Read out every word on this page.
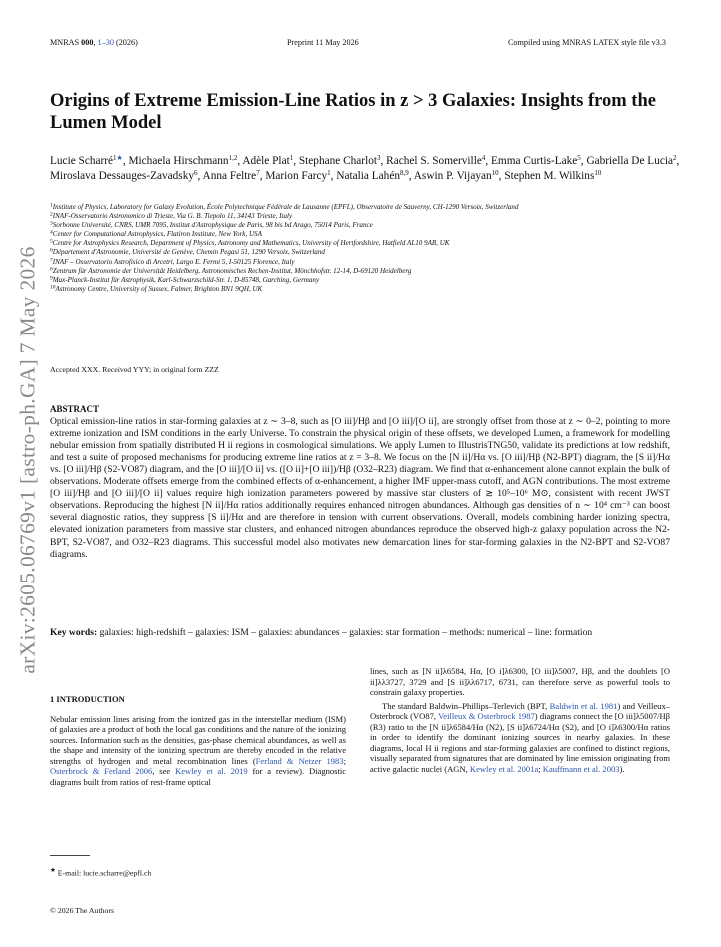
MNRAS 000, 1–30 (2026)	Preprint 11 May 2026	Compiled using MNRAS LATEX style file v3.3
arXiv:2605.06769v1 [astro-ph.GA] 7 May 2026
Origins of Extreme Emission-Line Ratios in z > 3 Galaxies: Insights from the Lumen Model
Lucie Scharré$^{1★}$, Michaela Hirschmann$^{1,2}$, Adèle Plat$^1$, Stephane Charlot$^3$, Rachel S. Somerville$^4$, Emma Curtis-Lake$^5$, Gabriella De Lucia$^2$, Miroslava Dessauges-Zavadsky$^6$, Anna Feltre$^7$, Marion Farcy$^1$, Natalia Lahén$^{8,9}$, Aswin P. Vijayan$^{10}$, Stephen M. Wilkins$^{10}$
$^1$Institute of Physics, Laboratory for Galaxy Evolution, École Polytechnique Fédérale de Lausanne (EPFL), Observatoire de Sauverny, CH-1290 Versoix, Switzerland
$^2$INAF-Osservatorio Astronomico di Trieste, Via G. B. Tiepolo 11, 34143 Trieste, Italy
$^3$Sorbonne Université, CNRS, UMR 7095, Institut d'Astrophysique de Paris, 98 bis bd Arago, 75014 Paris, France
$^4$Center for Computational Astrophysics, Flatiron Institute, New York, USA
$^5$Centre for Astrophysics Research, Department of Physics, Astronomy and Mathematics, University of Hertfordshire, Hatfield AL10 9AB, UK
$^6$Département d'Astronomie, Université de Genève, Chemin Pegasi 51, 1290 Versoix, Switzerland
$^7$INAF – Osservatorio Astrofisico di Arcetri, Largo E. Fermi 5, I-50125 Florence, Italy
$^8$Zentrum für Astronomie der Universität Heidelberg, Astronomisches Rechen-Institut, Mönchhofstr. 12-14, D-69120 Heidelberg
$^9$Max-Planck-Institut für Astrophysik, Karl-Schwarzschild-Str. 1, D-85748, Garching, Germany
$^{10}$Astronomy Centre, University of Sussex, Falmer, Brighton BN1 9QH, UK
Accepted XXX. Received YYY; in original form ZZZ
ABSTRACT
Optical emission-line ratios in star-forming galaxies at z ∼ 3–8, such as [O iii]/Hβ and [O iii]/[O ii], are strongly offset from those at z ∼ 0–2, pointing to more extreme ionization and ISM conditions in the early Universe. To constrain the physical origin of these offsets, we developed Lumen, a framework for modelling nebular emission from spatially distributed H ii regions in cosmological simulations. We apply Lumen to IllustrisTNG50, validate its predictions at low redshift, and test a suite of proposed mechanisms for producing extreme line ratios at z = 3–8. We focus on the [N ii]/Hα vs. [O iii]/Hβ (N2-BPT) diagram, the [S ii]/Hα vs. [O iii]/Hβ (S2-VO87) diagram, and the [O iii]/[O ii] vs. ([O ii]+[O iii])/Hβ (O32–R23) diagram. We find that α-enhancement alone cannot explain the bulk of observations. Moderate offsets emerge from the combined effects of α-enhancement, a higher IMF upper-mass cutoff, and AGN contributions. The most extreme [O iii]/Hβ and [O iii]/[O ii] values require high ionization parameters powered by massive star clusters of ≳ 10⁵–10⁶ M⊙, consistent with recent JWST observations. Reproducing the highest [N ii]/Hα ratios additionally requires enhanced nitrogen abundances. Although gas densities of n ∼ 10⁴ cm⁻³ can boost several diagnostic ratios, they suppress [S ii]/Hα and are therefore in tension with current observations. Overall, models combining harder ionizing spectra, elevated ionization parameters from massive star clusters, and enhanced nitrogen abundances reproduce the observed high-z galaxy population across the N2-BPT, S2-VO87, and O32–R23 diagrams. This successful model also motivates new demarcation lines for star-forming galaxies in the N2-BPT and S2-VO87 diagrams.
Key words: galaxies: high-redshift – galaxies: ISM – galaxies: abundances – galaxies: star formation – methods: numerical – line: formation
1 INTRODUCTION

Nebular emission lines arising from the ionized gas in the interstellar medium (ISM) of galaxies are a product of both the local gas conditions and the nature of the ionizing sources. Information such as the densities, gas-phase chemical abundances, as well as the shape and intensity of the ionizing spectrum are thereby encoded in the relative strengths of hydrogen and metal recombination lines (Ferland & Netzer 1983; Osterbrock & Ferland 2006, see Kewley et al. 2019 for a review). Diagnostic diagrams built from ratios of rest-frame optical

lines, such as [N ii]λ6584, Hα, [O i]λ6300, [O iii]λ5007, Hβ, and the doublets [O ii]λλ3727, 3729 and [S ii]λλ6717, 6731, can therefore serve as powerful tools to constrain galaxy properties.

The standard Baldwin–Phillips–Terlevich (BPT, Baldwin et al. 1981) and Veilleux–Osterbrock (VO87, Veilleux & Osterbrock 1987) diagrams connect the [O iii]λ5007/Hβ (R3) ratio to the [N ii]λ6584/Hα (N2), [S ii]λ6724/Hα (S2), and [O i]λ6300/Hα ratios in order to identify the dominant ionizing sources in nearby galaxies. In these diagrams, local H ii regions and star-forming galaxies are confined to distinct regions, visually separated from signatures that are dominated by line emission originating from active galactic nuclei (AGN, Kewley et al. 2001a; Kauffmann et al. 2003).

★ E-mail: lucie.scharre@epfl.ch
© 2026 The Authors
